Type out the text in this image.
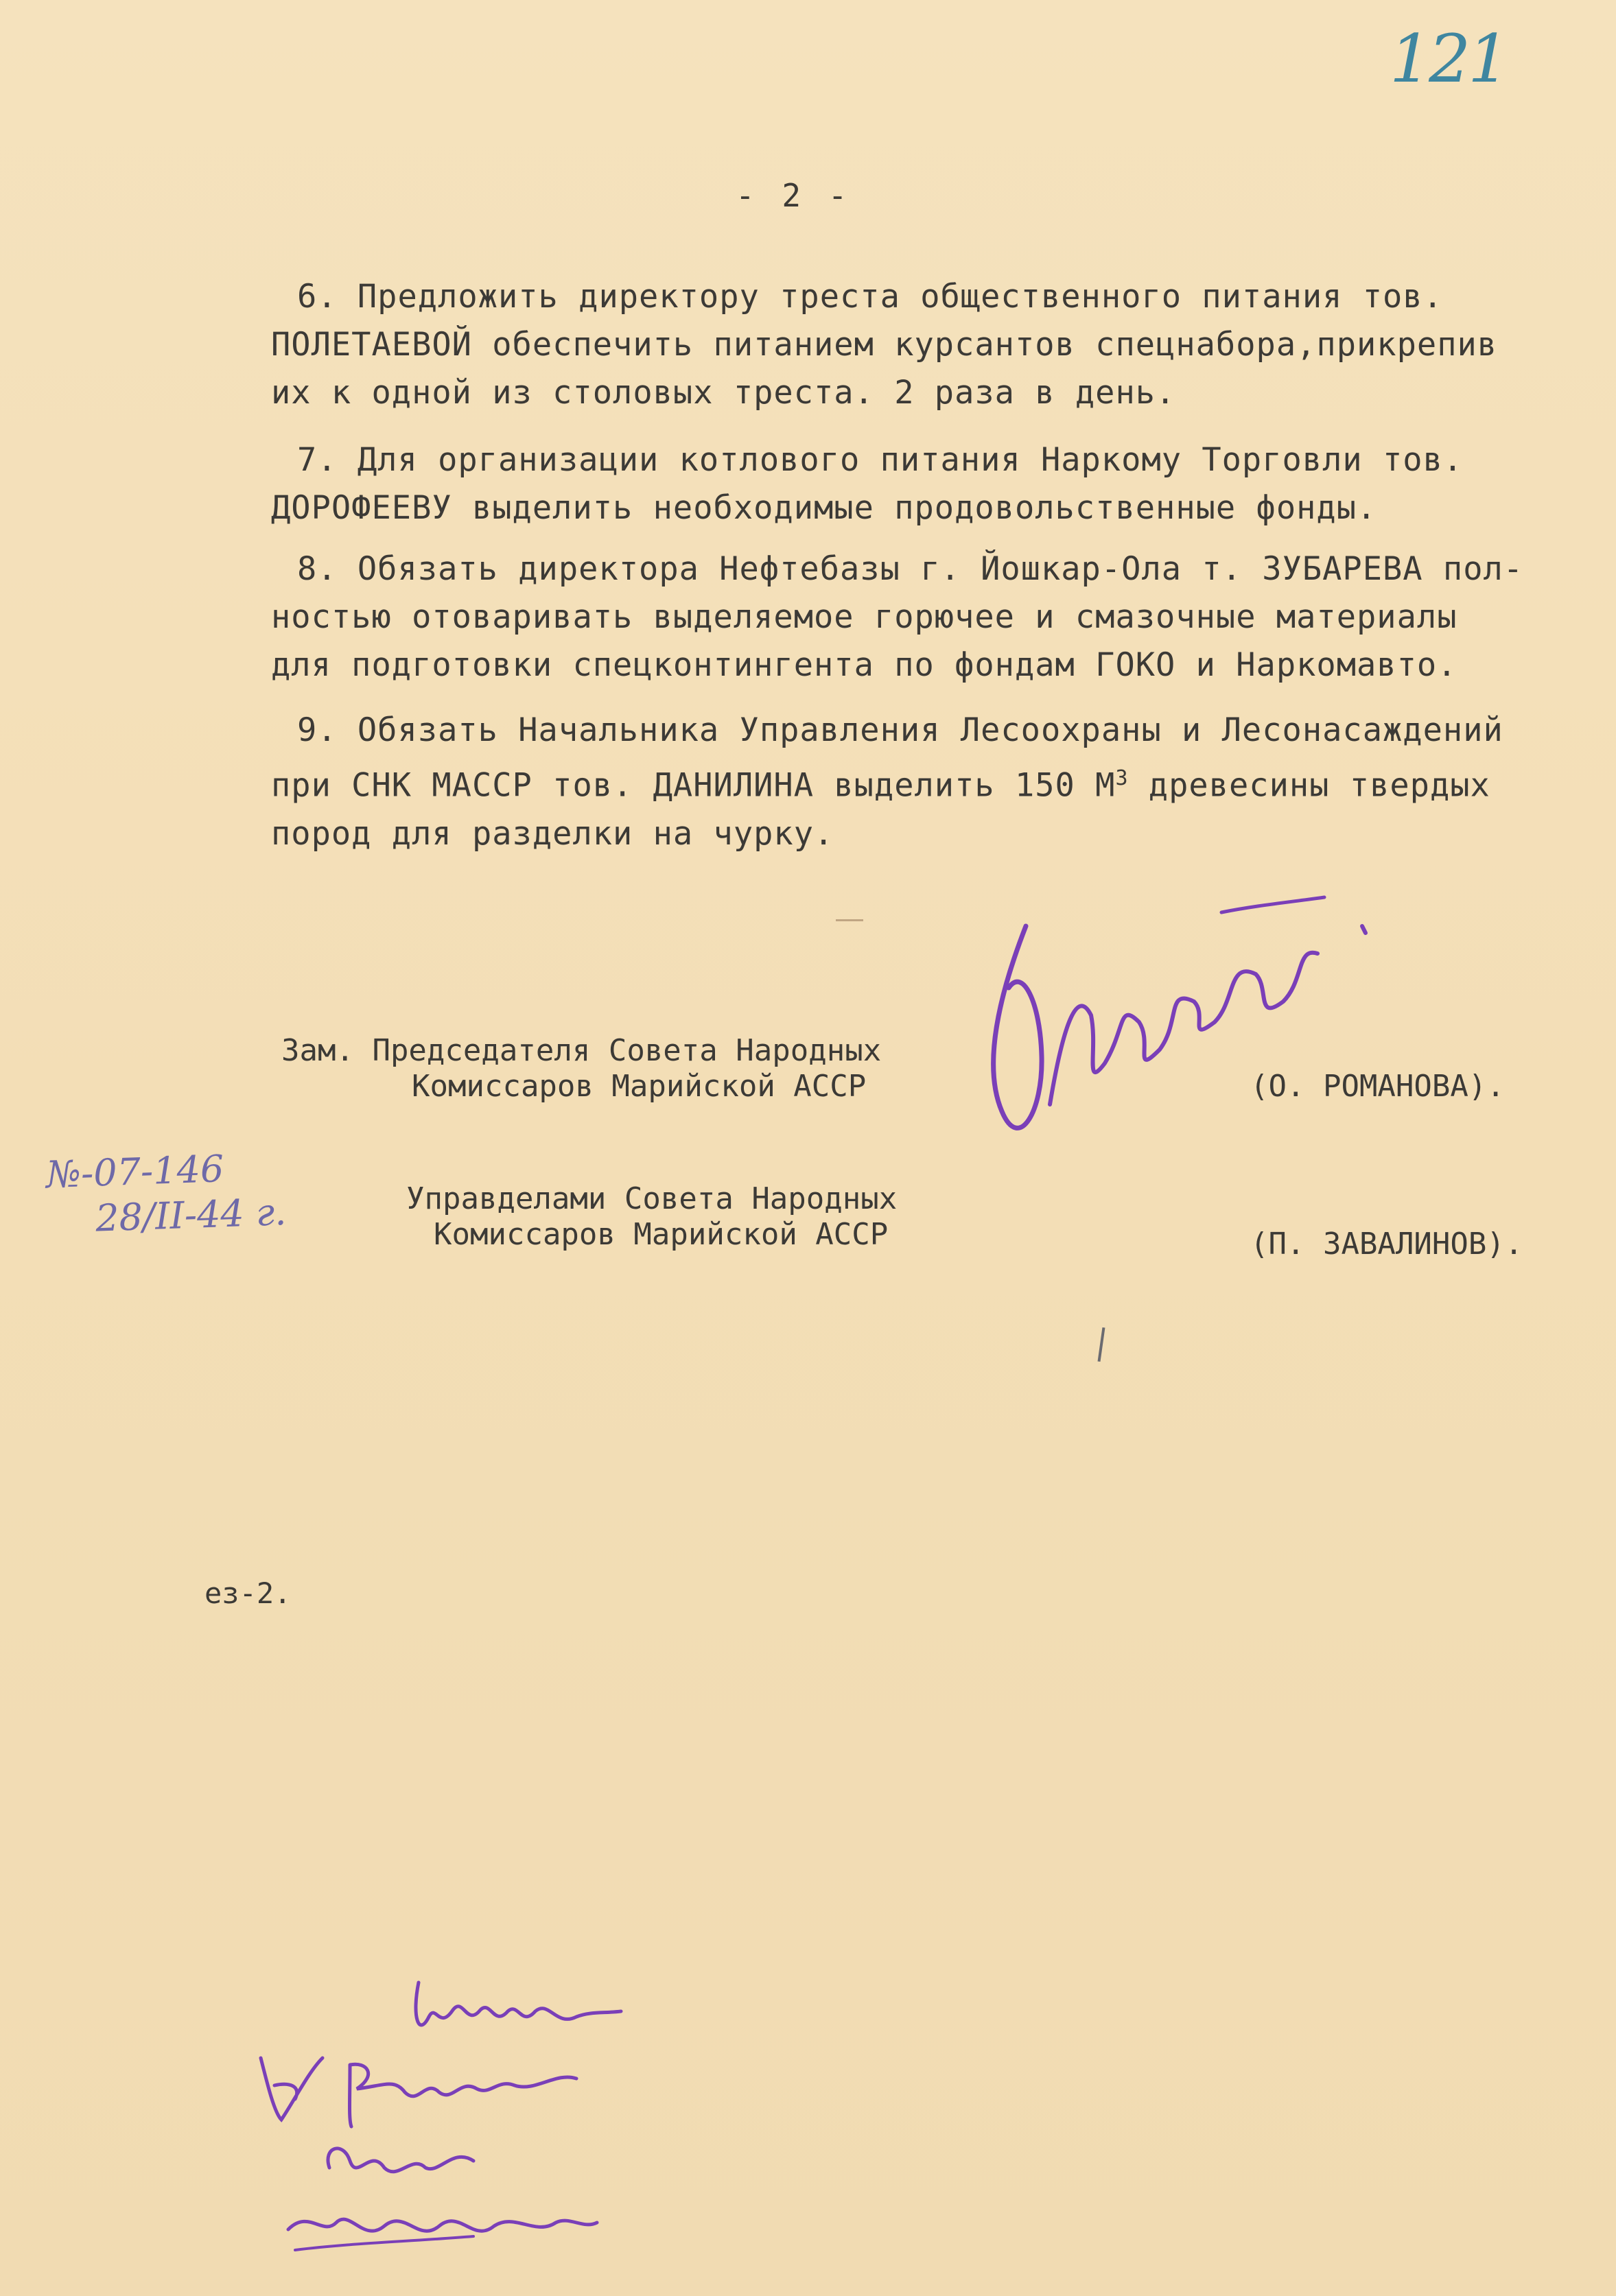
121
- 2 -
6. Предложить директору треста общественного питания тов.
ПОЛЕТАЕВОЙ обеспечить питанием курсантов спецнабора,прикрепив
их к одной из столовых треста. 2 раза в день.
7. Для организации котлового питания Наркому Торговли тов.
ДОРОФЕЕВУ выделить необходимые продовольственные фонды.
8. Обязать директора Нефтебазы г. Йошкар-Ола т. ЗУБАРЕВА пол-
ностью отоваривать выделяемое горючее и смазочные материалы
для подготовки спецконтингента по фондам ГОКО и Наркомавто.
9. Обязать Начальника Управления Лесоохраны и Лесонасаждений
при СНК МАССР тов. ДАНИЛИНА выделить 150 $М^3$ древесины твердых
пород для разделки на чурку.
Зам. Председателя Совета Народных
Комиссаров Марийской АССР	(О. РОМАНОВА).
Управделами Совета Народных
Комиссаров Марийской АССР	(П. ЗАВАЛИНОВ).
№-07-146
28/II-44 г.
ез-2.
